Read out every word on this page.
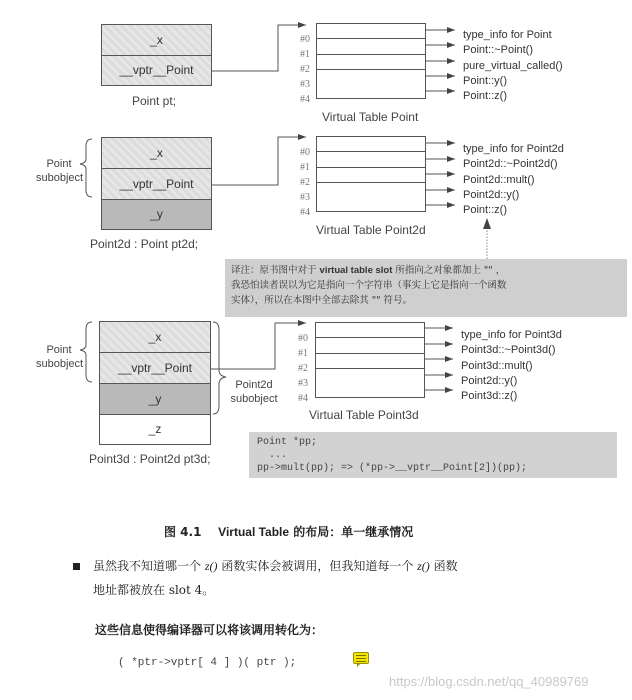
_x
__vptr__Point
Point pt;
Point subobject
_x
__vptr__Point
_y
Point2d : Point pt2d;
Point subobject
Point2d subobject
_x
__vptr__Point
_y
_z
Point3d : Point2d pt3d;
#0
#1
#2
#3
#4
type_info for Point
Point::~Point()
pure_virtual_called()
Point::y()
Point::z()
Virtual Table Point
#0
#1
#2
#3
#4
type_info for Point2d
Point2d::~Point2d()
Point2d::mult()
Point2d::y()
Point::z()
Virtual Table Point2d
译注：原书图中对于 virtual table slot 所指向之对象都加上 "" ，
我恐怕读者误以为它是指向一个字符串（事实上它是指向一个函数
实体），所以在本图中全部去除其 "" 符号。
#0
#1
#2
#3
#4
type_info for Point3d
Point3d::~Point3d()
Point3d::mult()
Point2d::y()
Point3d::z()
Virtual Table Point3d
Point *pp;
...
pp->mult(pp); => (*pp->__vptr__Point[2])(pp);
图 4.1 Virtual Table 的布局：单一继承情况
虽然我不知道哪一个 z() 函数实体会被调用，但我知道每一个 z() 函数
地址都被放在 slot 4。
这些信息使得编译器可以将该调用转化为：
( *ptr->vptr[ 4 ] )( ptr );
https://blog.csdn.net/qq_40989769
